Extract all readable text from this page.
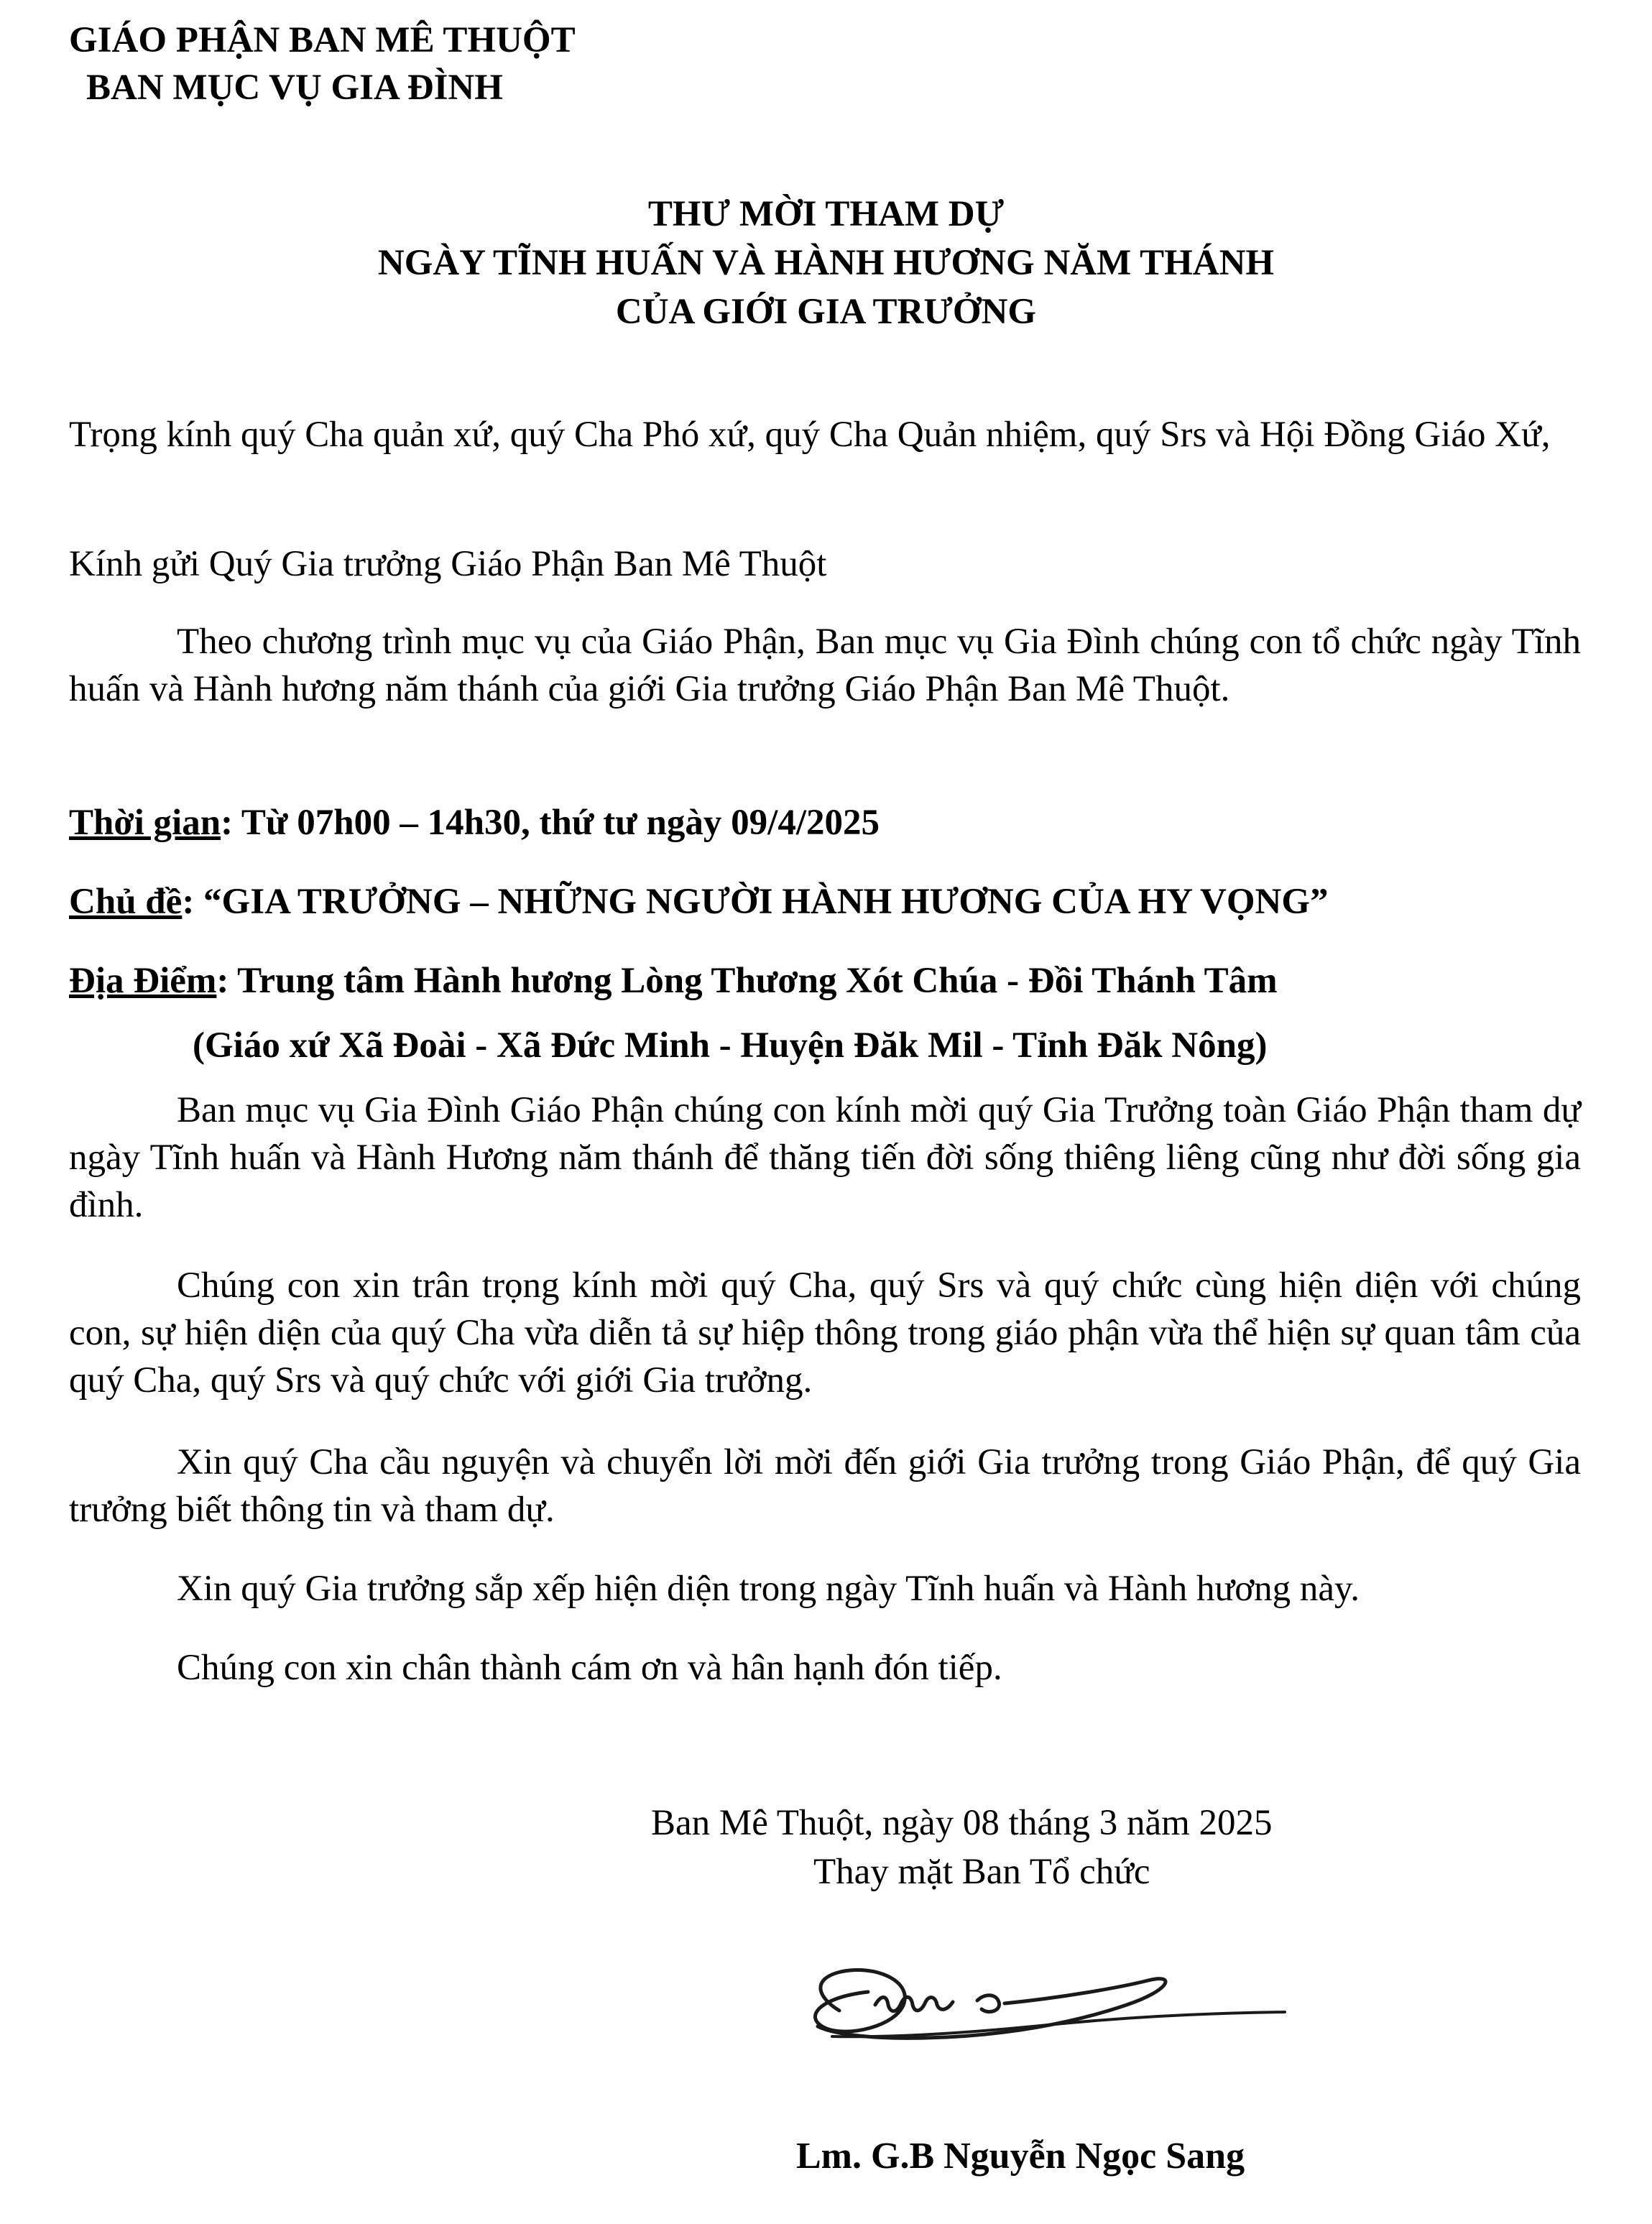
GIÁO PHẬN BAN MÊ THUỘT
BAN MỤC VỤ GIA ĐÌNH
THƯ MỜI THAM DỰ
NGÀY TĨNH HUẤN VÀ HÀNH HƯƠNG NĂM THÁNH
CỦA GIỚI GIA TRƯỞNG
Trọng kính quý Cha quản xứ, quý Cha Phó xứ, quý Cha Quản nhiệm, quý Srs và Hội Đồng Giáo Xứ,
Kính gửi Quý Gia trưởng Giáo Phận Ban Mê Thuột
Theo chương trình mục vụ của Giáo Phận, Ban mục vụ Gia Đình chúng con tổ chức ngày Tĩnh huấn và Hành hương năm thánh của giới Gia trưởng Giáo Phận Ban Mê Thuột.
Thời gian: Từ 07h00 – 14h30, thứ tư ngày 09/4/2025
Chủ đề: “GIA TRƯỞNG – NHỮNG NGƯỜI HÀNH HƯƠNG CỦA HY VỌNG”
Địa Điểm: Trung tâm Hành hương Lòng Thương Xót Chúa - Đồi Thánh Tâm
(Giáo xứ Xã Đoài - Xã Đức Minh - Huyện Đăk Mil - Tỉnh Đăk Nông)
Ban mục vụ Gia Đình Giáo Phận chúng con kính mời quý Gia Trưởng toàn Giáo Phận tham dự ngày Tĩnh huấn và Hành Hương năm thánh để thăng tiến đời sống thiêng liêng cũng như đời sống gia đình.
Chúng con xin trân trọng kính mời quý Cha, quý Srs và quý chức cùng hiện diện với chúng con, sự hiện diện của quý Cha vừa diễn tả sự hiệp thông trong giáo phận vừa thể hiện sự quan tâm của quý Cha, quý Srs và quý chức với giới Gia trưởng.
Xin quý Cha cầu nguyện và chuyển lời mời đến giới Gia trưởng trong Giáo Phận, để quý Gia trưởng biết thông tin và tham dự.
Xin quý Gia trưởng sắp xếp hiện diện trong ngày Tĩnh huấn và Hành hương này.
Chúng con xin chân thành cám ơn và hân hạnh đón tiếp.
Ban Mê Thuột, ngày 08 tháng 3 năm 2025
Thay mặt Ban Tổ chức
Lm. G.B Nguyễn Ngọc Sang
